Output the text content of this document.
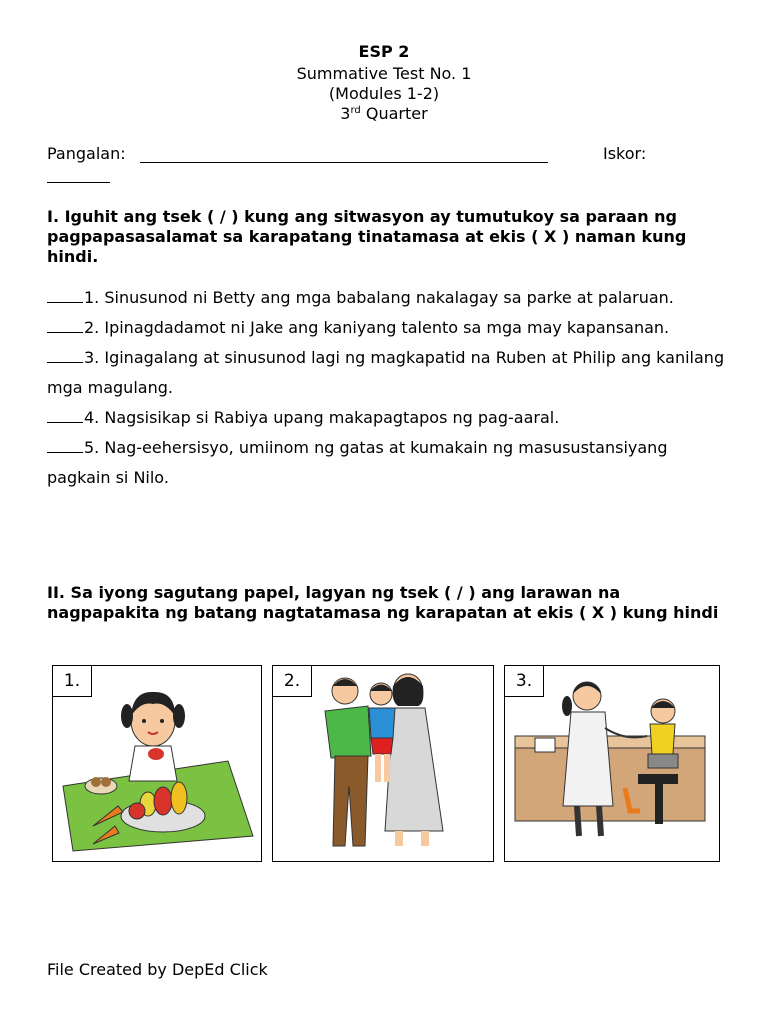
ESP 2
Summative Test No. 1
(Modules 1-2)
3rd Quarter
Pangalan:	Iskor:
I. Iguhit ang tsek ( / ) kung ang sitwasyon ay tumutukoy sa paraan ng pagpapasasalamat sa karapatang tinatamasa at ekis ( X ) naman kung hindi.
1. Sinusunod ni Betty ang mga babalang nakalagay sa parke at palaruan.
2. Ipinagdadamot ni Jake ang kaniyang talento sa mga may kapansanan.
3. Iginagalang at sinusunod lagi ng magkapatid na Ruben at Philip ang kanilang mga magulang.
4. Nagsisikap si Rabiya upang makapagtapos ng pag-aaral.
5. Nag-eehersisyo, umiinom ng gatas at kumakain ng masusustansiyang pagkain si Nilo.
II. Sa iyong sagutang papel, lagyan ng tsek ( / ) ang larawan na nagpapakita ng batang nagtatamasa ng karapatan at ekis ( X ) kung hindi
1.	2.	3.
File Created by DepEd Click
